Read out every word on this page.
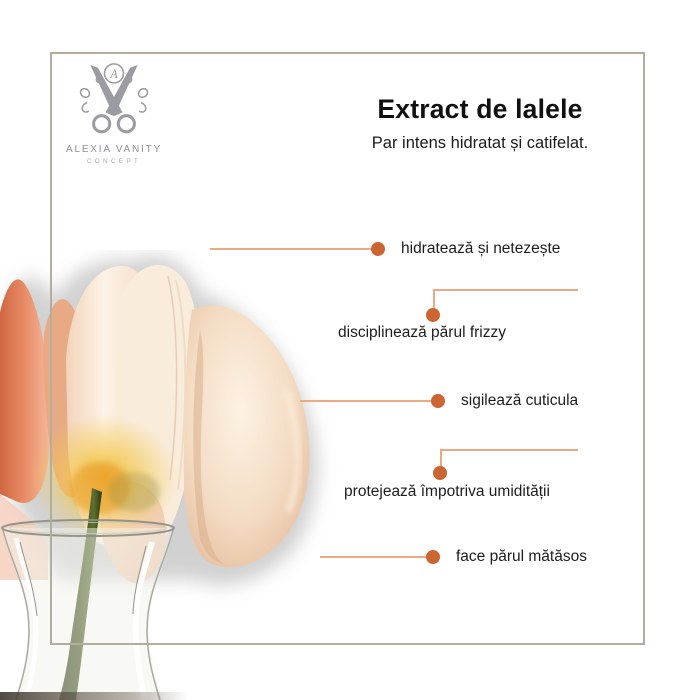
A
C
ALEXIA VANITY
CONCEPT
Extract de lalele

Par intens hidratat și catifelat.

hidratează și netezește
disciplinează părul frizzy
sigilează cuticula
protejează împotriva umidității
face părul mătăsos
